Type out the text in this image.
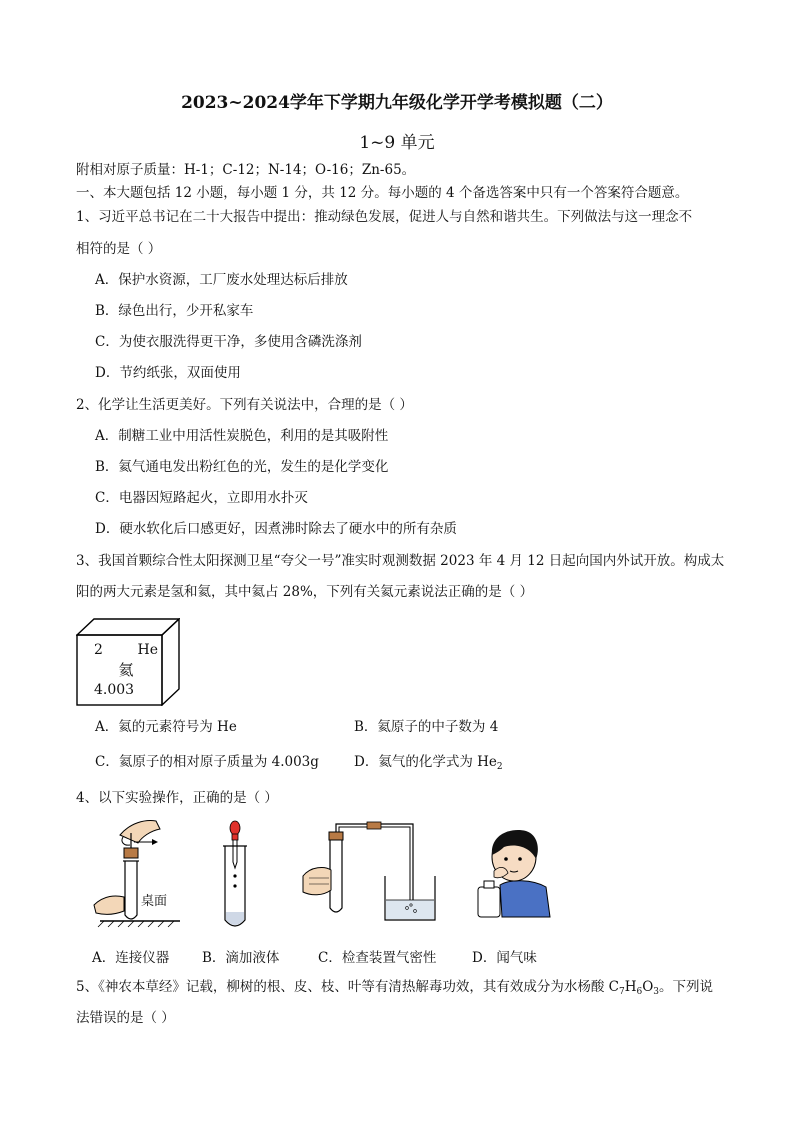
2023~2024学年下学期九年级化学开学考模拟题（二）
1~9 单元
附相对原子质量：H-1；C-12；N-14；O-16；Zn-65。
一、本大题包括 12 小题，每小题 1 分，共 12 分。每小题的 4 个备选答案中只有一个答案符合题意。
1、习近平总书记在二十大报告中提出：推动绿色发展，促进人与自然和谐共生。下列做法与这一理念不
相符的是（ ）
A．保护水资源，工厂废水处理达标后排放
B．绿色出行，少开私家车
C．为使衣服洗得更干净，多使用含磷洗涤剂
D．节约纸张，双面使用
2、化学让生活更美好。下列有关说法中，合理的是（ ）
A．制糖工业中用活性炭脱色，利用的是其吸附性
B．氦气通电发出粉红色的光，发生的是化学变化
C．电器因短路起火，立即用水扑灭
D．硬水软化后口感更好，因煮沸时除去了硬水中的所有杂质
3、我国首颗综合性太阳探测卫星“夸父一号”准实时观测数据 2023 年 4 月 12 日起向国内外试开放。构成太
阳的两大元素是氢和氦，其中氦占 28%，下列有关氦元素说法正确的是（ ）
2 He
氦
4.003
A．氦的元素符号为 He	B．氦原子的中子数为 4
C．氦原子的相对原子质量为 4.003g	D．氦气的化学式为 $He_2$
4、以下实验操作，正确的是（ ）
桌面
A．连接仪器 B．滴加液体	C．检查装置气密性	D．闻气味
5、《神农本草经》记载，柳树的根、皮、枝、叶等有清热解毒功效，其有效成分为水杨酸 $C_7H_6O_3$。下列说
法错误的是（ ）
